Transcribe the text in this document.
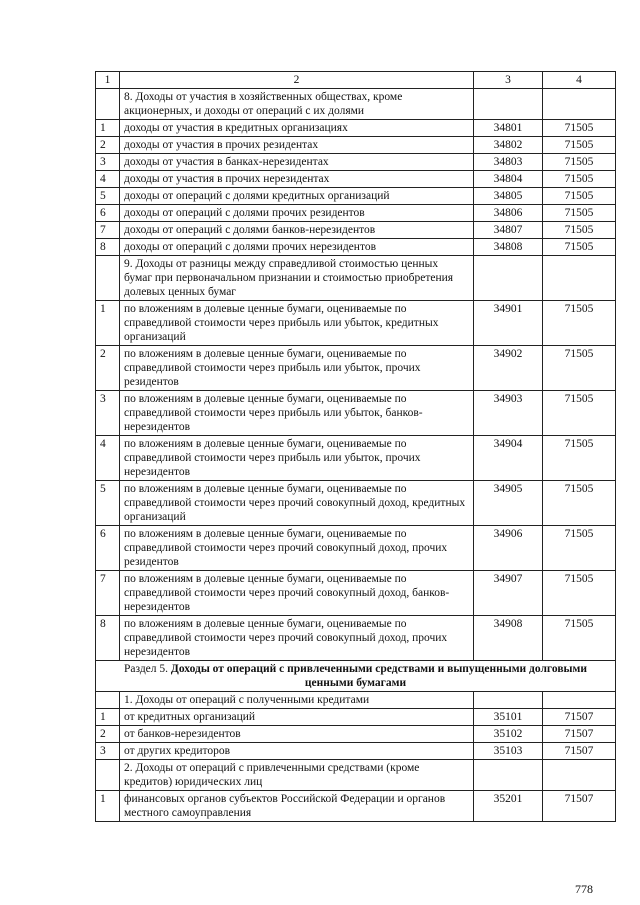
1	2	3	4
	8. Доходы от участия в хозяйственных обществах, кроме акционерных, и доходы от операций с их долями		
1	доходы от участия в кредитных организациях	34801	71505
2	доходы от участия в прочих резидентах	34802	71505
3	доходы от участия в банках-нерезидентах	34803	71505
4	доходы от участия в прочих нерезидентах	34804	71505
5	доходы от операций с долями кредитных организаций	34805	71505
6	доходы от операций с долями прочих резидентов	34806	71505
7	доходы от операций с долями банков-нерезидентов	34807	71505
8	доходы от операций с долями прочих нерезидентов	34808	71505
	9. Доходы от разницы между справедливой стоимостью ценных бумаг при первоначальном признании и стоимостью приобретения долевых ценных бумаг		
1	по вложениям в долевые ценные бумаги, оцениваемые по справедливой стоимости через прибыль или убыток, кредитных организаций	34901	71505
2	по вложениям в долевые ценные бумаги, оцениваемые по справедливой стоимости через прибыль или убыток, прочих резидентов	34902	71505
3	по вложениям в долевые ценные бумаги, оцениваемые по справедливой стоимости через прибыль или убыток, банков-нерезидентов	34903	71505
4	по вложениям в долевые ценные бумаги, оцениваемые по справедливой стоимости через прибыль или убыток, прочих нерезидентов	34904	71505
5	по вложениям в долевые ценные бумаги, оцениваемые по справедливой стоимости через прочий совокупный доход, кредитных организаций	34905	71505
6	по вложениям в долевые ценные бумаги, оцениваемые по справедливой стоимости через прочий совокупный доход, прочих резидентов	34906	71505
7	по вложениям в долевые ценные бумаги, оцениваемые по справедливой стоимости через прочий совокупный доход, банков-нерезидентов	34907	71505
8	по вложениям в долевые ценные бумаги, оцениваемые по справедливой стоимости через прочий совокупный доход, прочих нерезидентов	34908	71505
Раздел 5. Доходы от операций с привлеченными средствами и выпущенными долговыми ценными бумагами			
	1. Доходы от операций с полученными кредитами		
1	от кредитных организаций	35101	71507
2	от банков-нерезидентов	35102	71507
3	от других кредиторов	35103	71507
	2. Доходы от операций с привлеченными средствами (кроме кредитов) юридических лиц		
1	финансовых органов субъектов Российской Федерации и органов местного самоуправления	35201	71507
778
